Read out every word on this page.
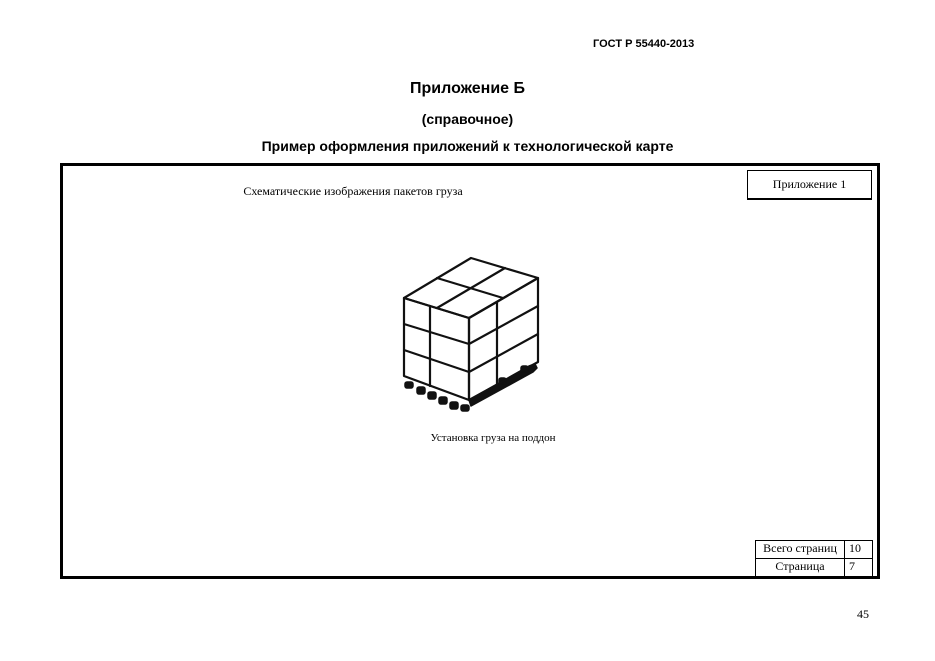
ГОСТ Р 55440-2013
Приложение Б
(справочное)
Пример оформления приложений к технологической карте
Приложение 1
Схематические изображения пакетов груза
Установка груза на поддон
Всего страниц	10
Страница	7
45
